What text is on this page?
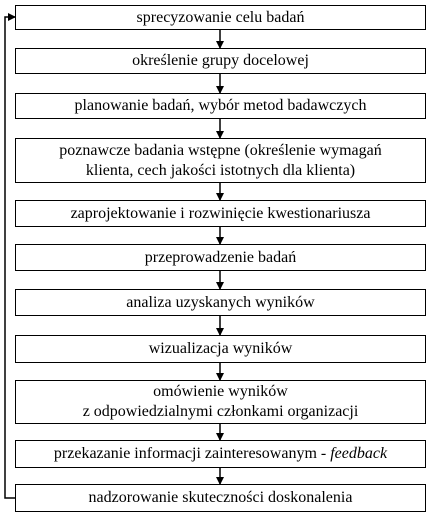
sprecyzowanie celu badań
określenie grupy docelowej
planowanie badań, wybór metod badawczych
poznawcze badania wstępne (określenie wymagań
klienta, cech jakości istotnych dla klienta)
zaprojektowanie i rozwinięcie kwestionariusza
przeprowadzenie badań
analiza uzyskanych wyników
wizualizacja wyników
omówienie wyników
z odpowiedzialnymi członkami organizacji
przekazanie informacji zainteresowanym - feedback
nadzorowanie skuteczności doskonalenia
